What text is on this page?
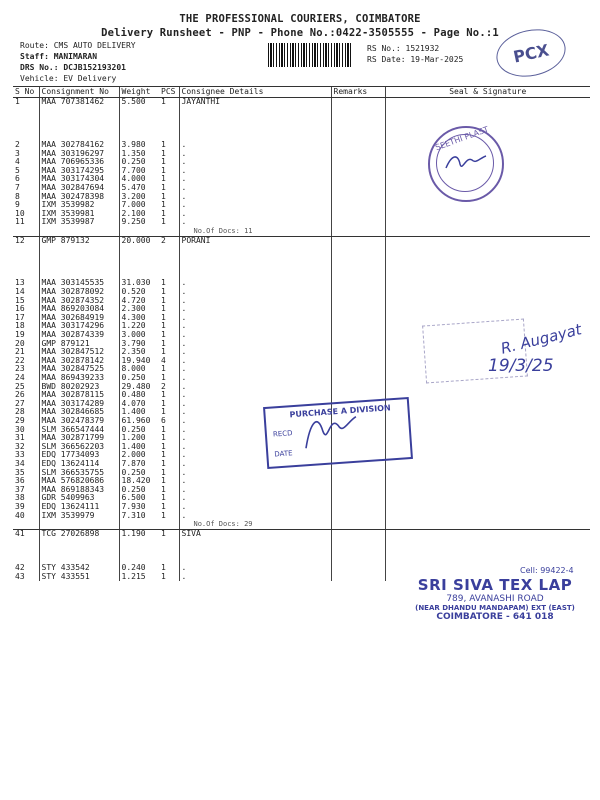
THE PROFESSIONAL COURIERS, COIMBATORE
Delivery Runsheet - PNP - Phone No.:0422-3505555 - Page No.:1
Route: CMS AUTO DELIVERY
Staff: MANIMARAN
DRS No.: DCJB152193201
Vehicle: EV Delivery
RS No.: 1521932
RS Date: 19-Mar-2025	PCX
S No	Consignment No	Weight	PCS	Consignee Details	Remarks	Seal & Signature
1	MAA 707381462	5.500	1	JAYANTHI		

2	MAA 302784162	3.980	1	.		
3	MAA 303196297	1.350	1	.		
4	MAA 706965336	0.250	1	.		
5	MAA 303174295	7.700	1	.		
6	MAA 303174304	4.000	1	.		
7	MAA 302847694	5.470	1	.		
8	MAA 302478398	3.200	1	.		
9	IXM 3539982	7.000	1	.		
10	IXM 3539981	2.100	1	.		
11	IXM 3539987	9.250	1	.		
				No.Of Docs: 11		
12	GMP 879132	20.000	2	PORANI		

13	MAA 303145535	31.030	1	.		
14	MAA 302878092	0.520	1	.		
15	MAA 302874352	4.720	1	.		
16	MAA 869203084	2.300	1	.		
17	MAA 302684919	4.300	1	.		
18	MAA 303174296	1.220	1	.		
19	MAA 302874339	3.000	1	.		
20	GMP 879121	3.790	1	.		
21	MAA 302847512	2.350	1	.		
22	MAA 302878142	19.940	4	.		
23	MAA 302847525	8.000	1	.		
24	MAA 869439233	0.250	1	.		
25	BWD 80202923	29.480	2	.		
26	MAA 302878115	0.480	1	.		
27	MAA 303174289	4.070	1	.		
28	MAA 302846685	1.400	1	.		
29	MAA 302478379	61.960	6	.		
30	SLM 366547444	0.250	1	.		
31	MAA 302871799	1.200	1	.		
32	SLM 366562203	1.400	1	.		
33	EDQ 17734093	2.000	1	.		
34	EDQ 13624114	7.870	1	.		
35	SLM 366535755	0.250	1	.		
36	MAA 576820686	18.420	1	.		
37	MAA 869188343	0.250	1	.		
38	GDR 5409963	6.500	1	.		
39	EDQ 13624111	7.930	1	.		
40	IXM 3539979	7.310	1	.		
				No.Of Docs: 29		
41	TCG 27026898	1.190	1	SIVA		

42	STY 433542	0.240	1	.		
43	STY 433551	1.215	1	.		
SEETHI PLAST
R. Augayat
19/3/25
PURCHASE A DIVISION
RECD
DATE
SRI SIVA TEX LAP
789, AVANASHI ROAD
(NEAR DHANDU MANDAPAM) EXT (EAST)
COIMBATORE - 641 018
Cell: 99422-4
